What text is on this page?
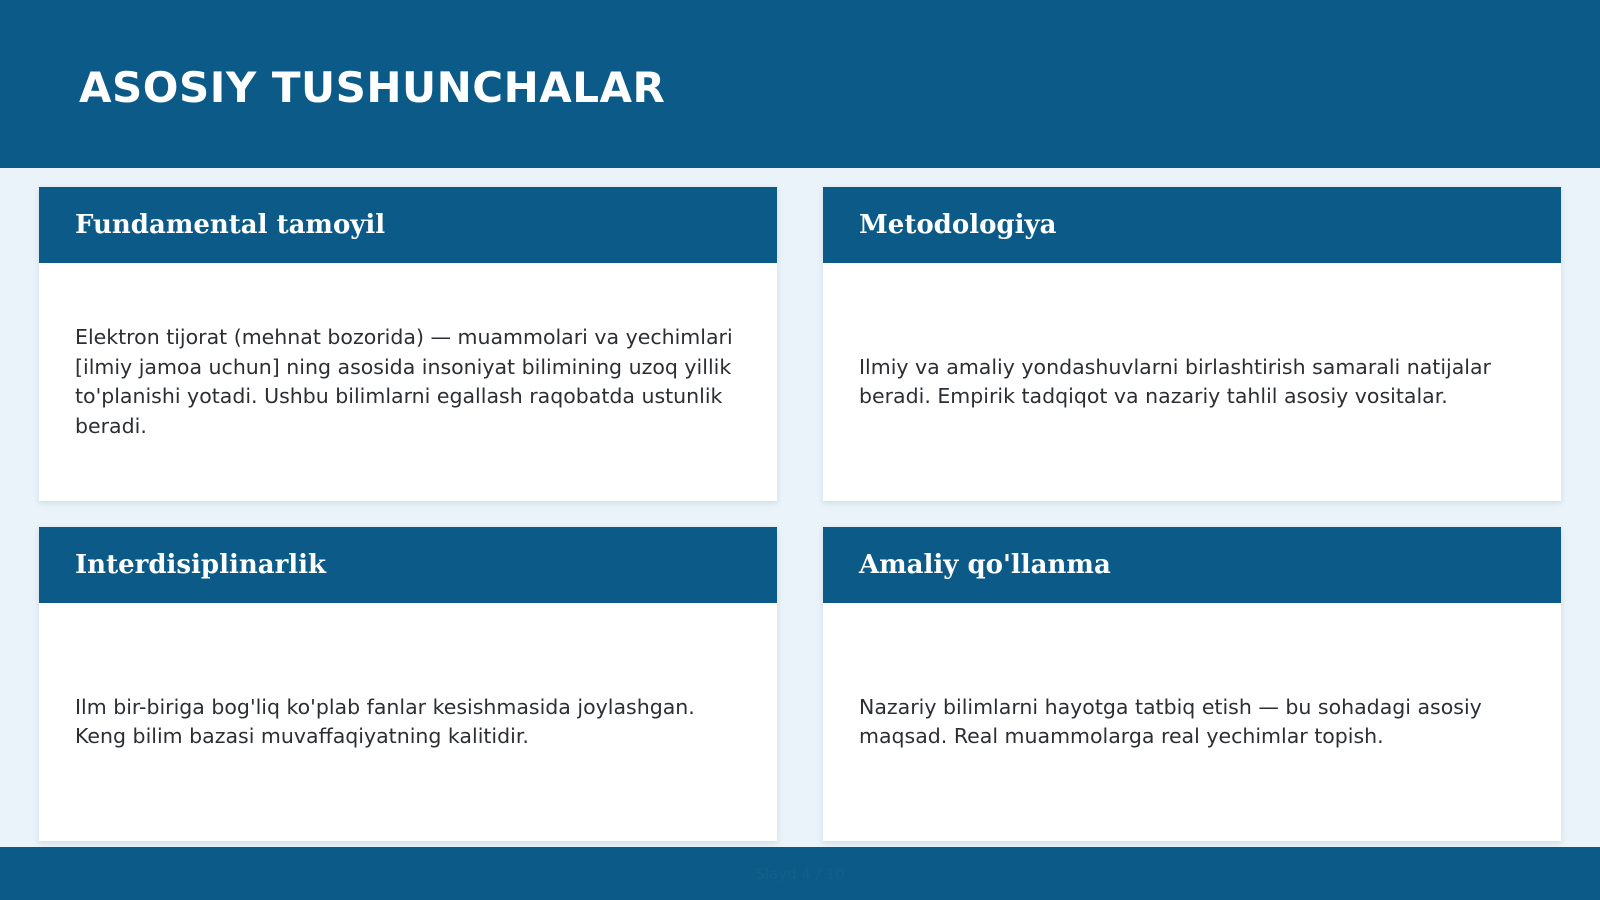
ASOSIY TUSHUNCHALAR
Fundamental tamoyil

Elektron tijorat (mehnat bozorida) — muammolari va yechimlari [ilmiy jamoa uchun] ning asosida insoniyat bilimining uzoq yillik to'planishi yotadi. Ushbu bilimlarni egallash raqobatda ustunlik beradi.

Metodologiya

Ilmiy va amaliy yondashuvlarni birlashtirish samarali natijalar beradi. Empirik tadqiqot va nazariy tahlil asosiy vositalar.

Interdisiplinarlik

Ilm bir-biriga bog'liq ko'plab fanlar kesishmasida joylashgan. Keng bilim bazasi muvaffaqiyatning kalitidir.

Amaliy qo'llanma

Nazariy bilimlarni hayotga tatbiq etish — bu sohadagi asosiy maqsad. Real muammolarga real yechimlar topish.

Slayd 4 / 10
